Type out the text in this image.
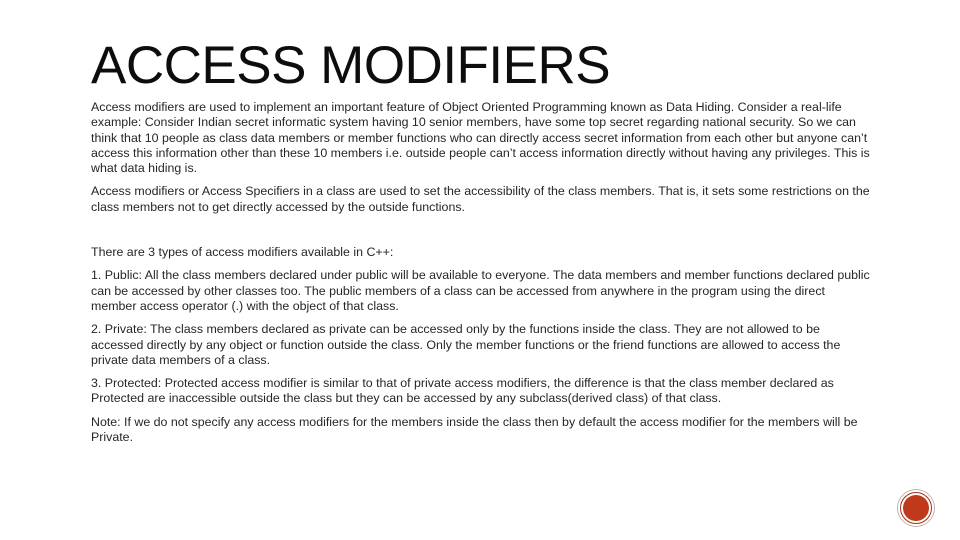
ACCESS MODIFIERS

Access modifiers are used to implement an important feature of Object Oriented Programming known as Data Hiding. Consider a real-life example: Consider Indian secret informatic system having 10 senior members, have some top secret regarding national security. So we can think that 10 people as class data members or member functions who can directly access secret information from each other but anyone can’t access this information other than these 10 members i.e. outside people can’t access information directly without having any privileges. This is what data hiding is.

Access modifiers or Access Specifiers in a class are used to set the accessibility of the class members. That is, it sets some restrictions on the class members not to get directly accessed by the outside functions.

There are 3 types of access modifiers available in C++:

1. Public: All the class members declared under public will be available to everyone. The data members and member functions declared public can be accessed by other classes too. The public members of a class can be accessed from anywhere in the program using the direct member access operator (.) with the object of that class.

2. Private: The class members declared as private can be accessed only by the functions inside the class. They are not allowed to be accessed directly by any object or function outside the class. Only the member functions or the friend functions are allowed to access the private data members of a class.

3. Protected: Protected access modifier is similar to that of private access modifiers, the difference is that the class member declared as Protected are inaccessible outside the class but they can be accessed by any subclass(derived class) of that class.

Note: If we do not specify any access modifiers for the members inside the class then by default the access modifier for the members will be Private.
